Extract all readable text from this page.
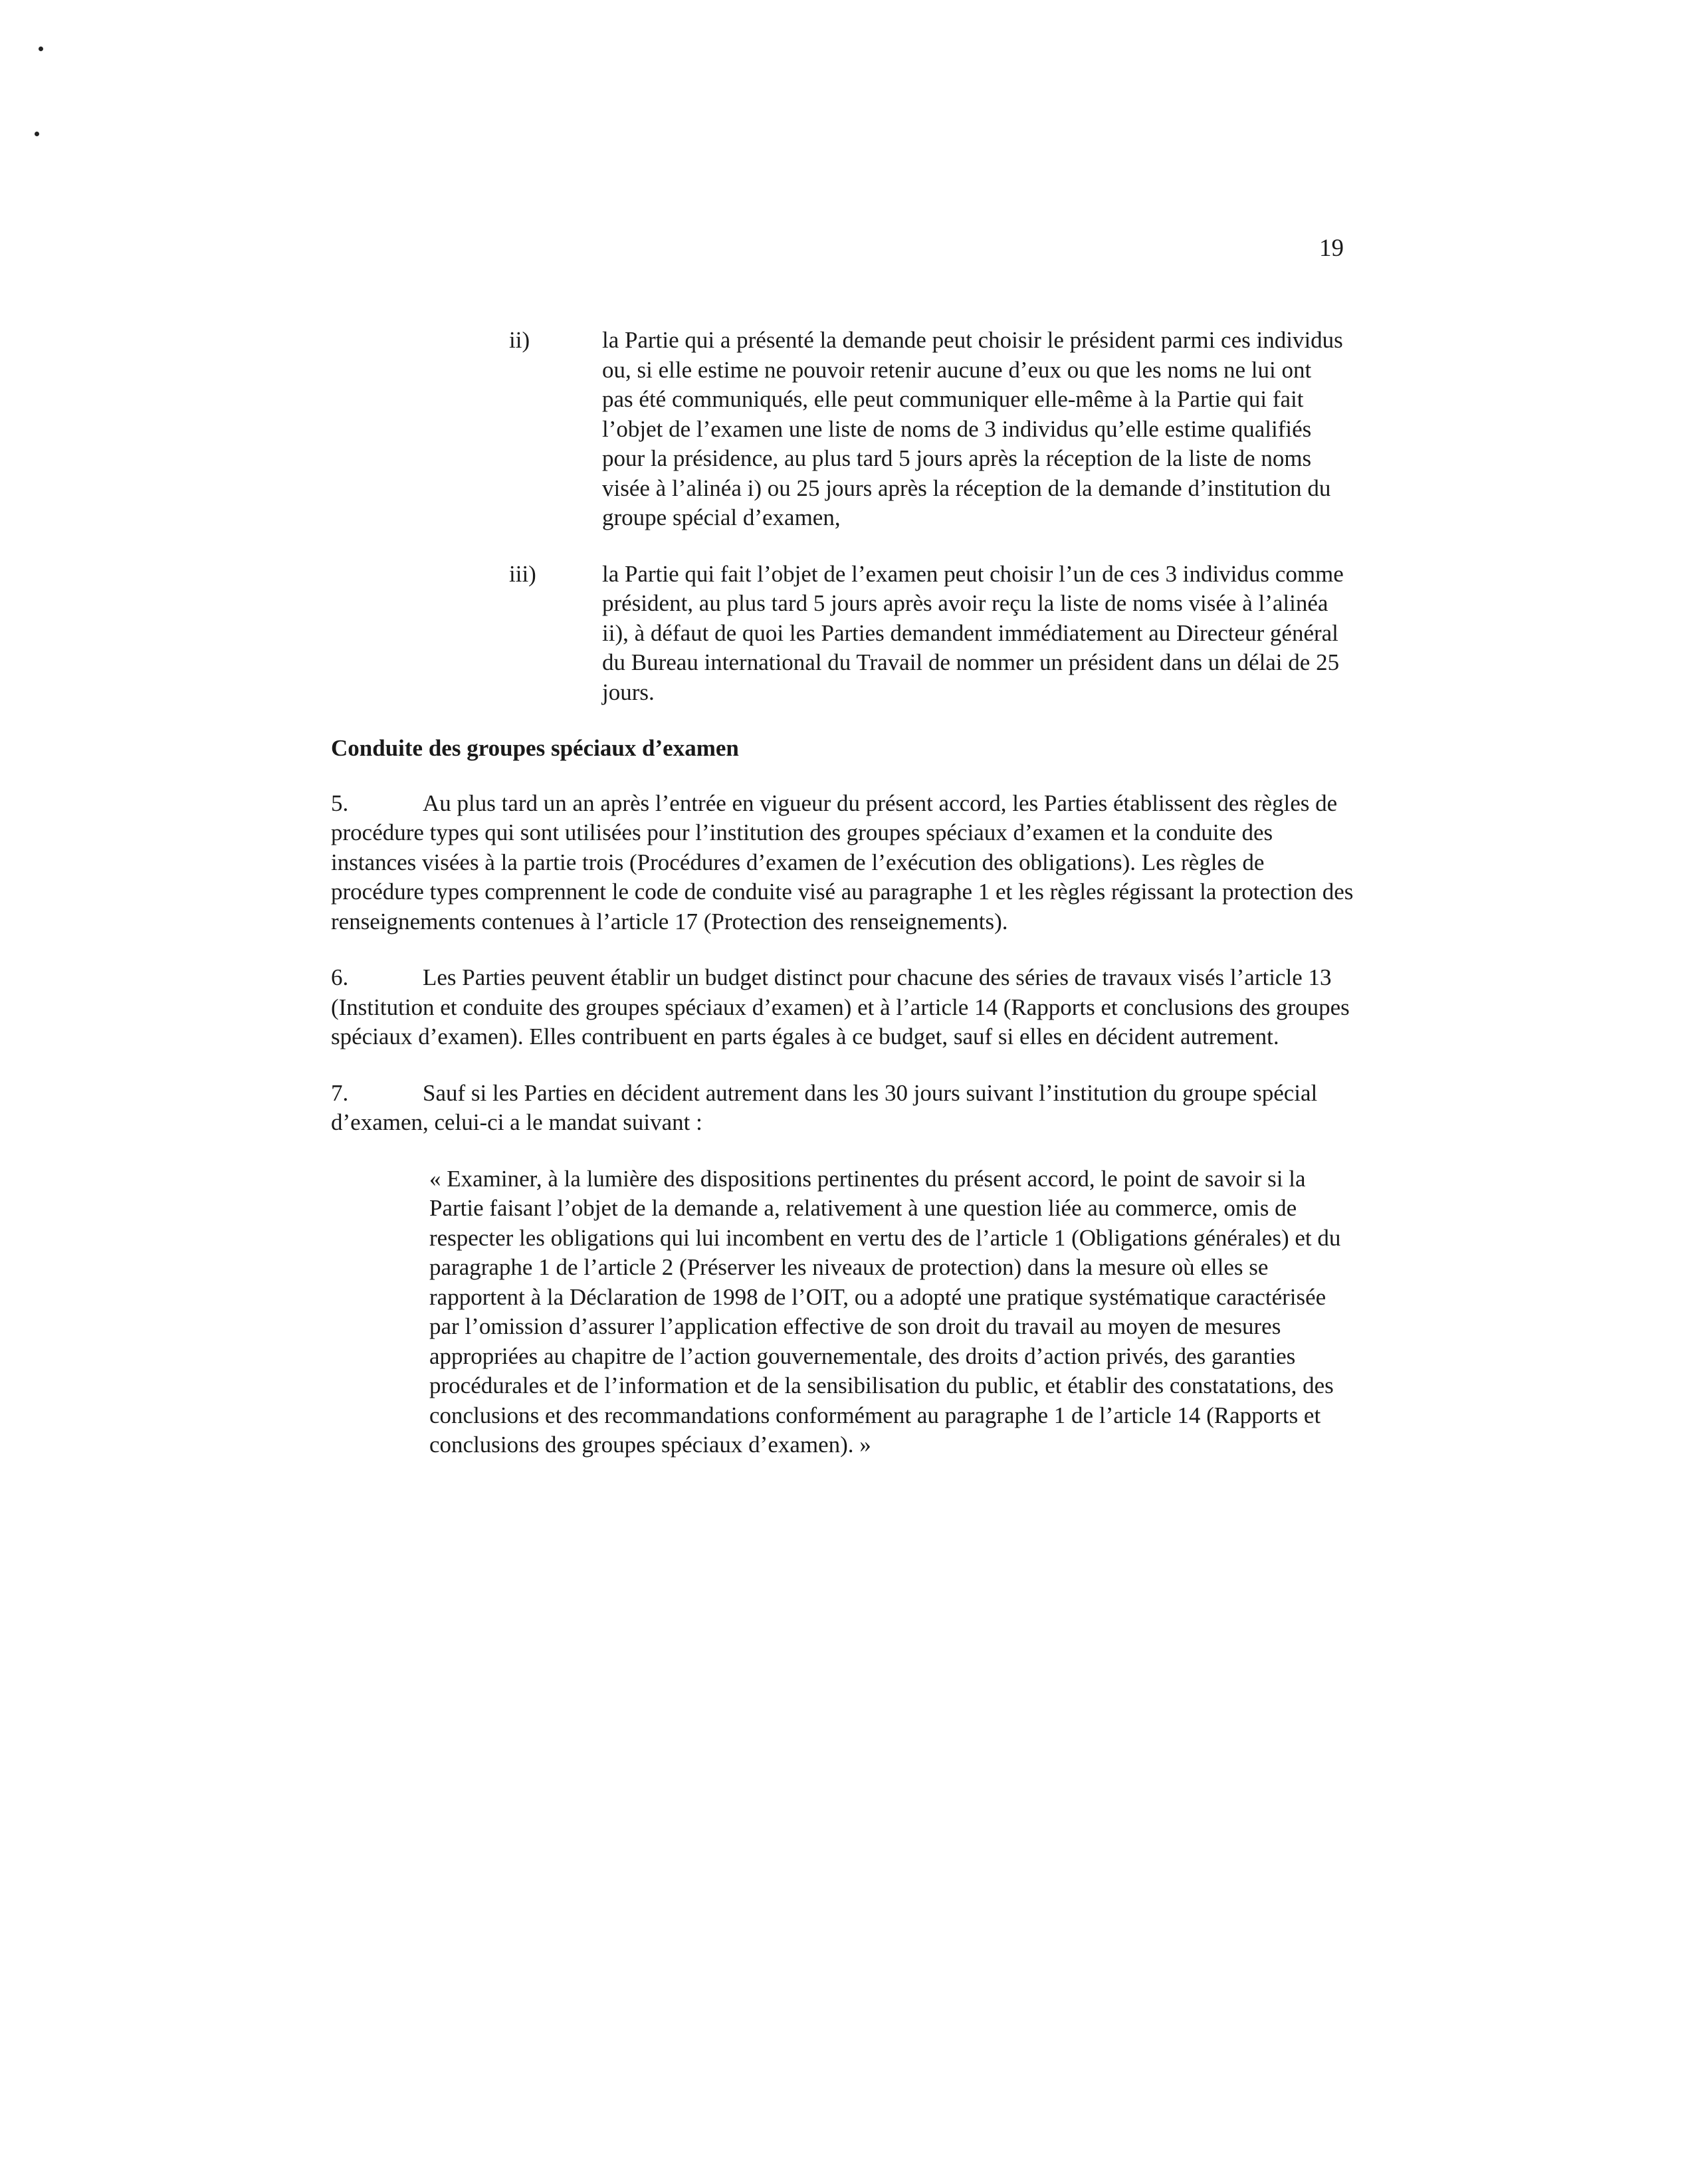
19
ii)	la Partie qui a présenté la demande peut choisir le président parmi ces individus ou, si elle estime ne pouvoir retenir aucune d’eux ou que les noms ne lui ont pas été communiqués, elle peut communiquer elle-même à la Partie qui fait l’objet de l’examen une liste de noms de 3 individus qu’elle estime qualifiés pour la présidence, au plus tard 5 jours après la réception de la liste de noms visée à l’alinéa i) ou 25 jours après la réception de la demande d’institution du groupe spécial d’examen,
iii)	la Partie qui fait l’objet de l’examen peut choisir l’un de ces 3 individus comme président, au plus tard 5 jours après avoir reçu la liste de noms visée à l’alinéa ii), à défaut de quoi les Parties demandent immédiatement au Directeur général du Bureau international du Travail de nommer un président dans un délai de 25 jours.
Conduite des groupes spéciaux d’examen
5.	Au plus tard un an après l’entrée en vigueur du présent accord, les Parties établissent des règles de procédure types qui sont utilisées pour l’institution des groupes spéciaux d’examen et la conduite des instances visées à la partie trois (Procédures d’examen de l’exécution des obligations). Les règles de procédure types comprennent le code de conduite visé au paragraphe 1 et les règles régissant la protection des renseignements contenues à l’article 17 (Protection des renseignements).
6.	Les Parties peuvent établir un budget distinct pour chacune des séries de travaux visés l’article 13 (Institution et conduite des groupes spéciaux d’examen) et à l’article 14 (Rapports et conclusions des groupes spéciaux d’examen). Elles contribuent en parts égales à ce budget, sauf si elles en décident autrement.
7.	Sauf si les Parties en décident autrement dans les 30 jours suivant l’institution du groupe spécial d’examen, celui-ci a le mandat suivant :
« Examiner, à la lumière des dispositions pertinentes du présent accord, le point de savoir si la Partie faisant l’objet de la demande a, relativement à une question liée au commerce, omis de respecter les obligations qui lui incombent en vertu des de l’article 1 (Obligations générales) et du paragraphe 1 de l’article 2 (Préserver les niveaux de protection) dans la mesure où elles se rapportent à la Déclaration de 1998 de l’OIT, ou a adopté une pratique systématique caractérisée par l’omission d’assurer l’application effective de son droit du travail au moyen de mesures appropriées au chapitre de l’action gouvernementale, des droits d’action privés, des garanties procédurales et de l’information et de la sensibilisation du public, et établir des constatations, des conclusions et des recommandations conformément au paragraphe 1 de l’article 14 (Rapports et conclusions des groupes spéciaux d’examen). »
